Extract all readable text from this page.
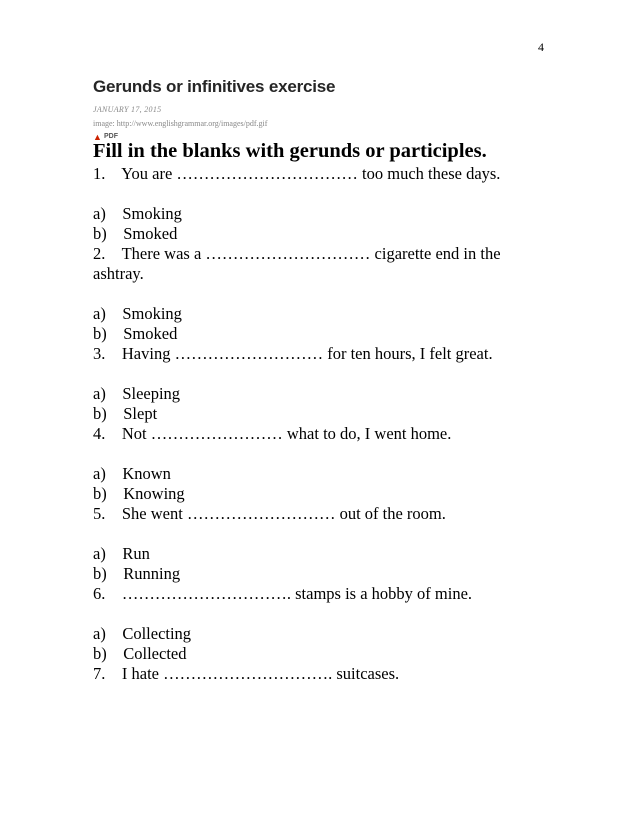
4
Gerunds or infinitives exercise
JANUARY 17, 2015
image: http://www.englishgrammar.org/images/pdf.gif
▲ PDF
Fill in the blanks with gerunds or participles.
1.    You are …………………………… too much these days.
a)    Smoking
b)    Smoked
2.    There was a ………………………… cigarette end in the
ashtray.
a)    Smoking
b)    Smoked
3.    Having ……………………… for ten hours, I felt great.
a)    Sleeping
b)    Slept
4.    Not …………………… what to do, I went home.
a)    Known
b)    Knowing
5.    She went ……………………… out of the room.
a)    Run
b)    Running
6.    …………………………. stamps is a hobby of mine.
a)    Collecting
b)    Collected
7.    I hate …………………………. suitcases.
